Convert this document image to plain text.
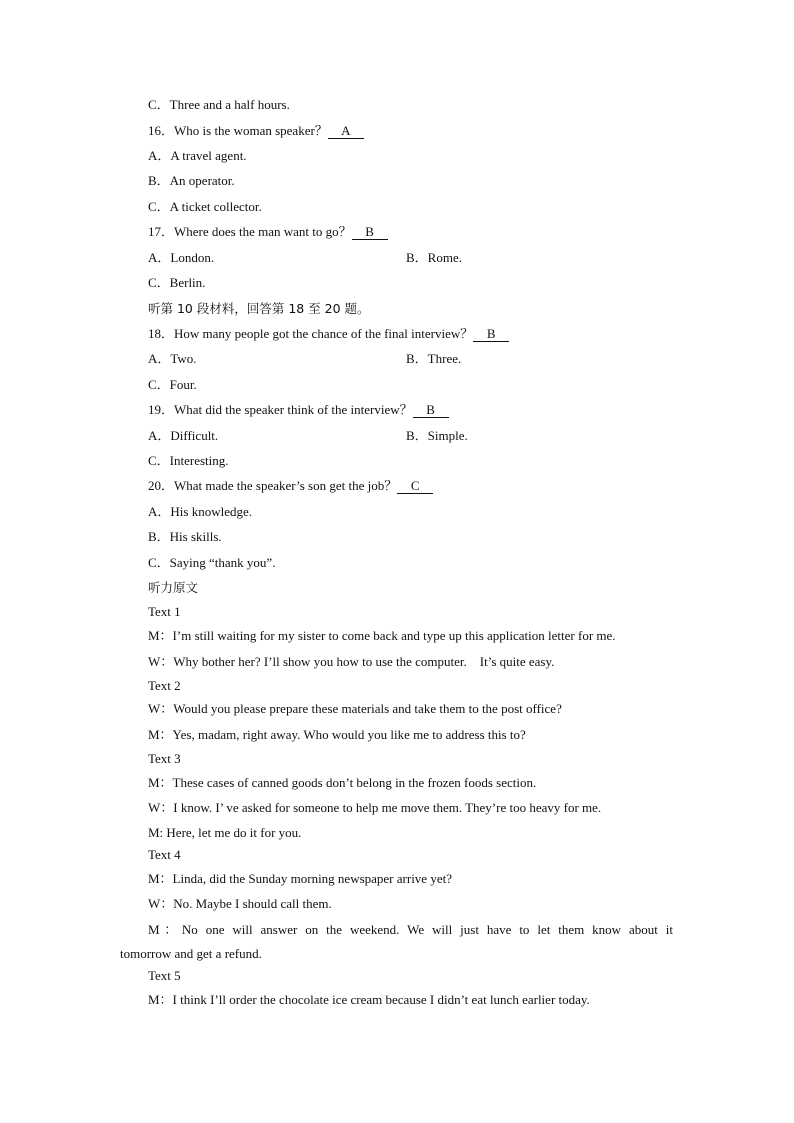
C．Three and a half hours.
16．Who is the woman speaker？ A
A．A travel agent.
B．An operator.
C．A ticket collector.
17．Where does the man want to go？ B
A．London.	B．Rome.
C．Berlin.
听第 10 段材料，回答第 18 至 20 题。
18．How many people got the chance of the final interview？ B
A．Two.	B．Three.
C．Four.
19．What did the speaker think of the interview？ B
A．Difficult.	B．Simple.
C．Interesting.
20．What made the speaker’s son get the job？ C
A．His knowledge.
B．His skills.
C．Saying “thank you”.
听力原文
Text 1
M：I’m still waiting for my sister to come back and type up this application letter for me.
W：Why bother her? I’ll show you how to use the computer.　It’s quite easy.
Text 2
W：Would you please prepare these materials and take them to the post office?
M：Yes, madam, right away. Who would you like me to address this to?
Text 3
M：These cases of canned goods don’t belong in the frozen foods section.
W：I know. I’ ve asked for someone to help me move them. They’re too heavy for me.
M: Here, let me do it for you.
Text 4
M：Linda, did the Sunday morning newspaper arrive yet?
W：No. Maybe I should call them.
M：No one will answer on the weekend. We will just have to let them know about it
tomorrow and get a refund.
Text 5
M：I think I’ll order the chocolate ice cream because I didn’t eat lunch earlier today.
